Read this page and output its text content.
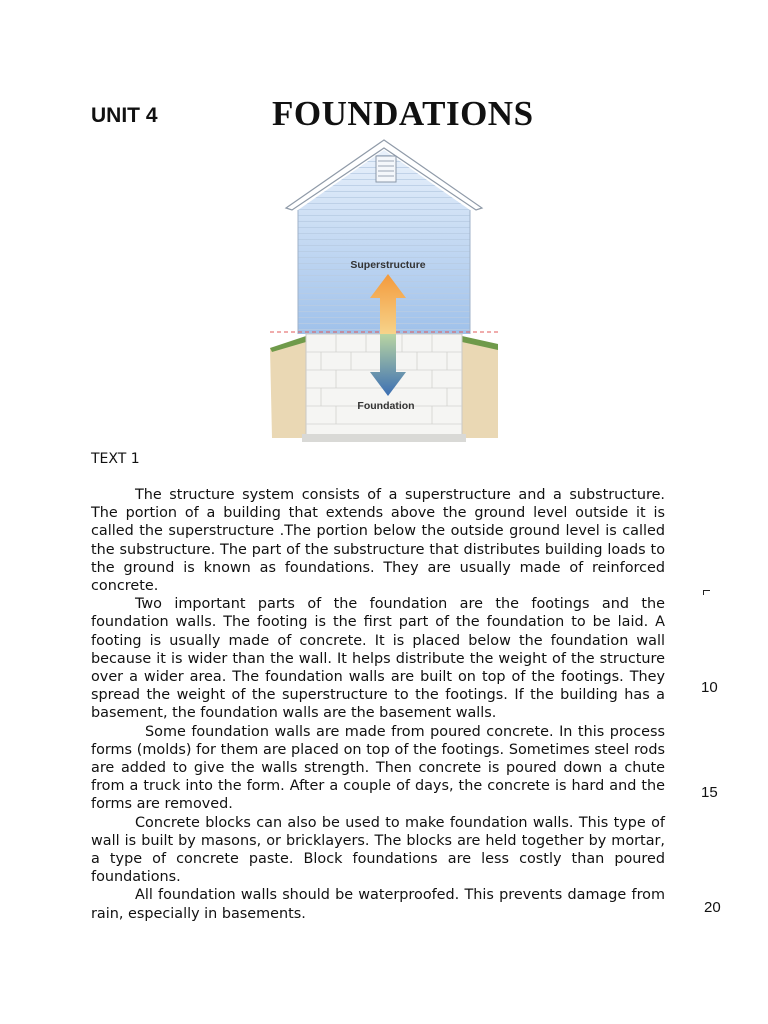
UNIT 4	FOUNDATIONS
Superstructure
Foundation
TEXT 1

The structure system consists of a superstructure and a substructure. The portion of a building that extends above the ground level outside it is called the superstructure .The portion below the outside ground level is called the substructure. The part of the substructure that distributes building loads to the ground is known as foundations. They are usually made of reinforced concrete.

Two important parts of the foundation are the footings and the foundation walls. The footing is the first part of the foundation to be laid. A footing is usually made of concrete. It is placed below the foundation wall because it is wider than the wall. It helps distribute the weight of the structure over a wider area. The foundation walls are built on top of the footings. They spread the weight of the superstructure to the footings. If the building has a basement, the foundation walls are the basement walls.

Some foundation walls are made from poured concrete. In this process forms (molds) for them are placed on top of the footings. Sometimes steel rods are added to give the walls strength. Then concrete is poured down a chute from a truck into the form. After a couple of days, the concrete is hard and the forms are removed.

Concrete blocks can also be used to make foundation walls. This type of wall is built by masons, or bricklayers. The blocks are held together by mortar, a type of concrete paste. Block foundations are less costly than poured foundations.

All foundation walls should be waterproofed. This prevents damage from rain, especially in basements.

10
15
20
